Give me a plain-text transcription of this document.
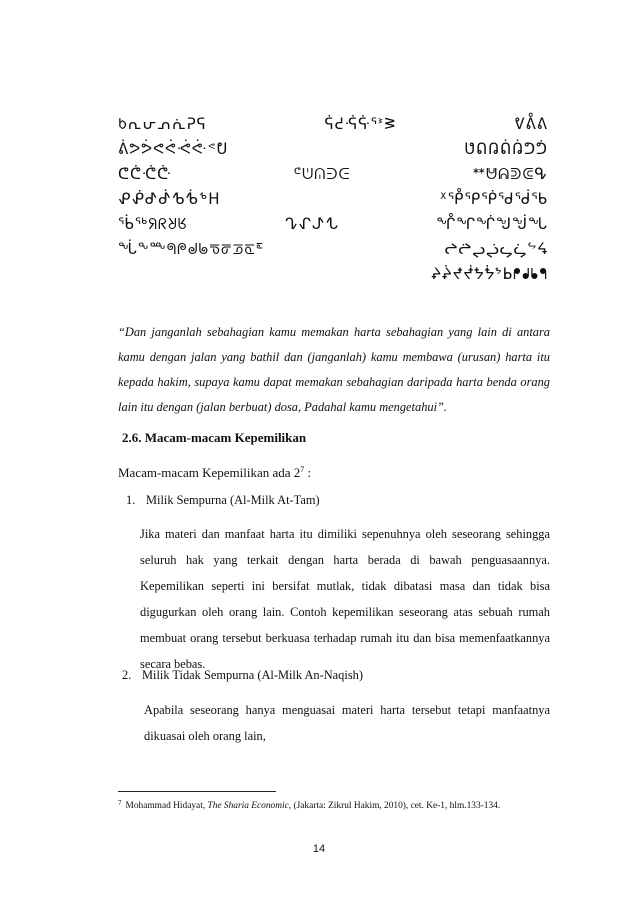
ᱠᕆᕂᕄᕇᕈᕋ	ᕌᕍᕎᕏᕐᕑᕒ	ᕓᕔᕕ
ᕖᕗᕘᕙᕚᕛᕜᕝᕞ	ᕟᕠᕡᕢᕣᕤᕥ
ᕦᕧᕨᕩ	ᕪᕫᕬᕭᕮ	ᕯᕰᕱᕲᕳᕴ
ᕵᕶᕷᕸᕹᕺᕻᕼ	ᕽᕾᕿᖀᖁᖂᖃ
ᖄᖅᖆᖇᖈᖉ	ᖊᖋᖌᖍ	ᖎᖏᖐᖑᖒᖓ
ᖔᖕᖖᖗᖘᖙᖚᖛᖜᖝᖞᖟ	ᖠᖡᖢᖣᖤᖥᖦᖧ
ᖨᖩᖪᖫᖬᖭᖮᖯᖰᖱᖲᖳ

“Dan janganlah sebahagian kamu memakan harta sebahagian yang lain di antara kamu dengan jalan yang bathil dan (janganlah) kamu membawa (urusan) harta itu kepada hakim, supaya kamu dapat memakan sebahagian daripada harta benda orang lain itu dengan (jalan berbuat) dosa, Padahal kamu mengetahui”.

2.6. Macam-macam Kepemilikan
Macam-macam Kepemilikan ada $2^7$ :
1. Milik Sempurna (Al-Milk At-Tam)

Jika materi dan manfaat harta itu dimiliki sepenuhnya oleh seseorang sehingga seluruh hak yang terkait dengan harta berada di bawah penguasaannya. Kepemilikan seperti ini bersifat mutlak, tidak dibatasi masa dan tidak bisa digugurkan oleh orang lain. Contoh kepemilikan seseorang atas sebuah rumah membuat orang tersebut berkuasa terhadap rumah itu dan bisa memenfaatkannya secara bebas.

2. Milik Tidak Sempurna (Al-Milk An-Naqish)

Apabila seseorang hanya menguasai materi harta tersebut tetapi manfaatnya dikuasai oleh orang lain,

$^7$ Mohammad Hidayat, The Sharia Economic, (Jakarta: Zikrul Hakim, 2010), cet. Ke-1, hlm.133-134.
14
